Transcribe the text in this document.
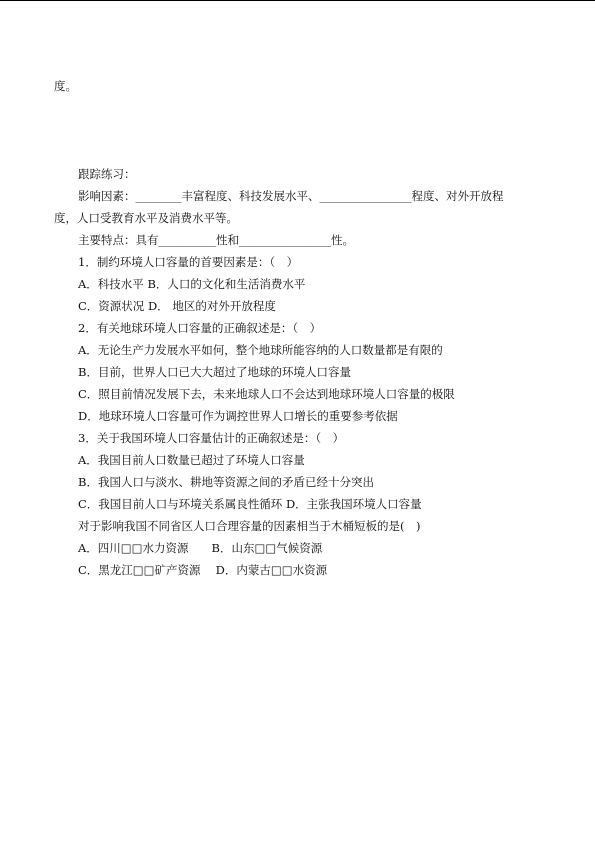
度。
跟踪练习：
影响因素：________丰富程度、科技发展水平、________________程度、对外开放程
度，人口受教育水平及消费水平等。
主要特点：具有__________性和________________性。
1．制约环境人口容量的首要因素是：（　）
A．科技水平 B．人口的文化和生活消费水平
C．资源状况 D． 地区的对外开放程度
2．有关地球环境人口容量的正确叙述是：（　）
A．无论生产力发展水平如何，整个地球所能容纳的人口数量都是有限的
B．目前，世界人口已大大超过了地球的环境人口容量
C．照目前情况发展下去，未来地球人口不会达到地球环境人口容量的极限
D．地球环境人口容量可作为调控世界人口增长的重要参考依据
3．关于我国环境人口容量估计的正确叙述是：（　）
A．我国目前人口数量已超过了环境人口容量
B．我国人口与淡水、耕地等资源之间的矛盾已经十分突出
C．我国目前人口与环境关系属良性循环 D．主张我国环境人口容量
对于影响我国不同省区人口合理容量的因素相当于木桶短板的是(　)
A．四川□□水力资源　　B．山东□□气候资源
C．黑龙江□□矿产资源　 D．内蒙古□□水资源
